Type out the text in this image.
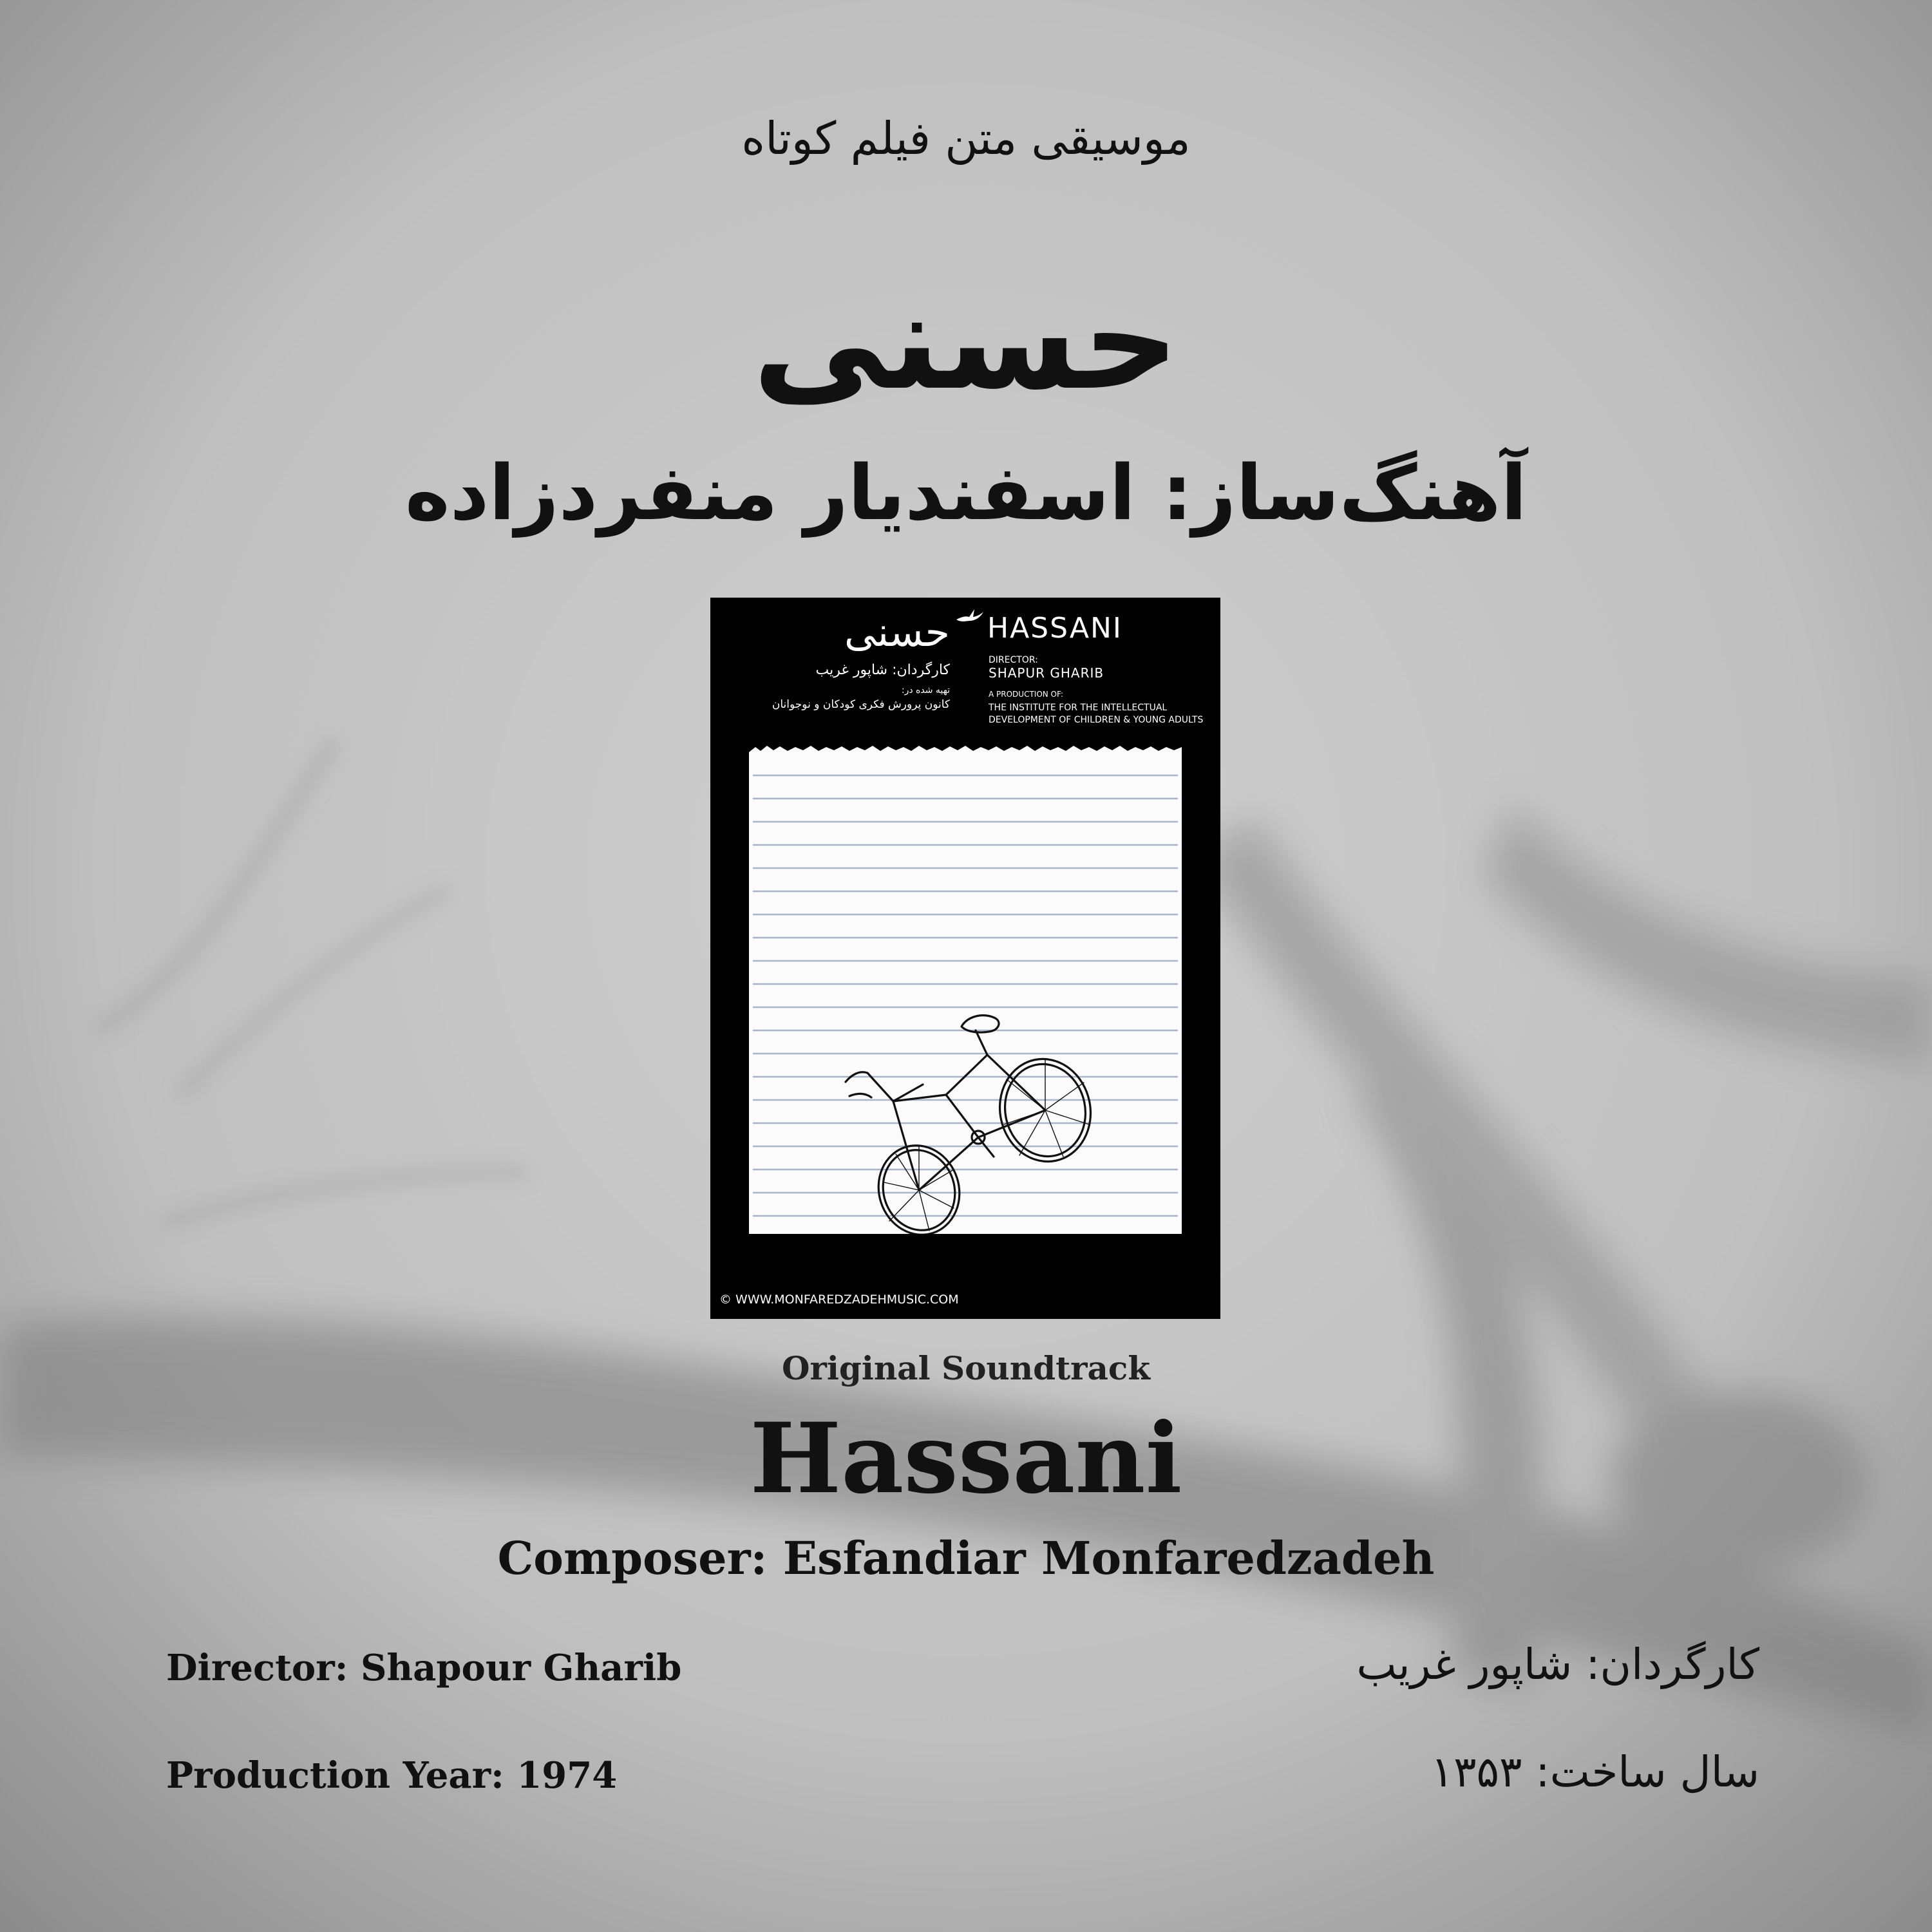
موسیقی متن فیلم کوتاه

حسنی

آهنگ‌ساز: اسفندیار منفردزاده

حسنی

کارگردان: شاپور غریب

تهیه شده در:

کانون پرورش فکری کودکان و نوجوانان

HASSANI

DIRECTOR:

SHAPUR GHARIB

A PRODUCTION OF:

THE INSTITUTE FOR THE INTELLECTUAL DEVELOPMENT OF CHILDREN & YOUNG ADULTS

© WWW.MONFAREDZADEHMUSIC.COM

Original Soundtrack

Hassani

Composer: Esfandiar Monfaredzadeh

Director: Shapour Gharib

Production Year: 1974

کارگردان: شاپور غریب

سال ساخت: ۱۳۵۳
